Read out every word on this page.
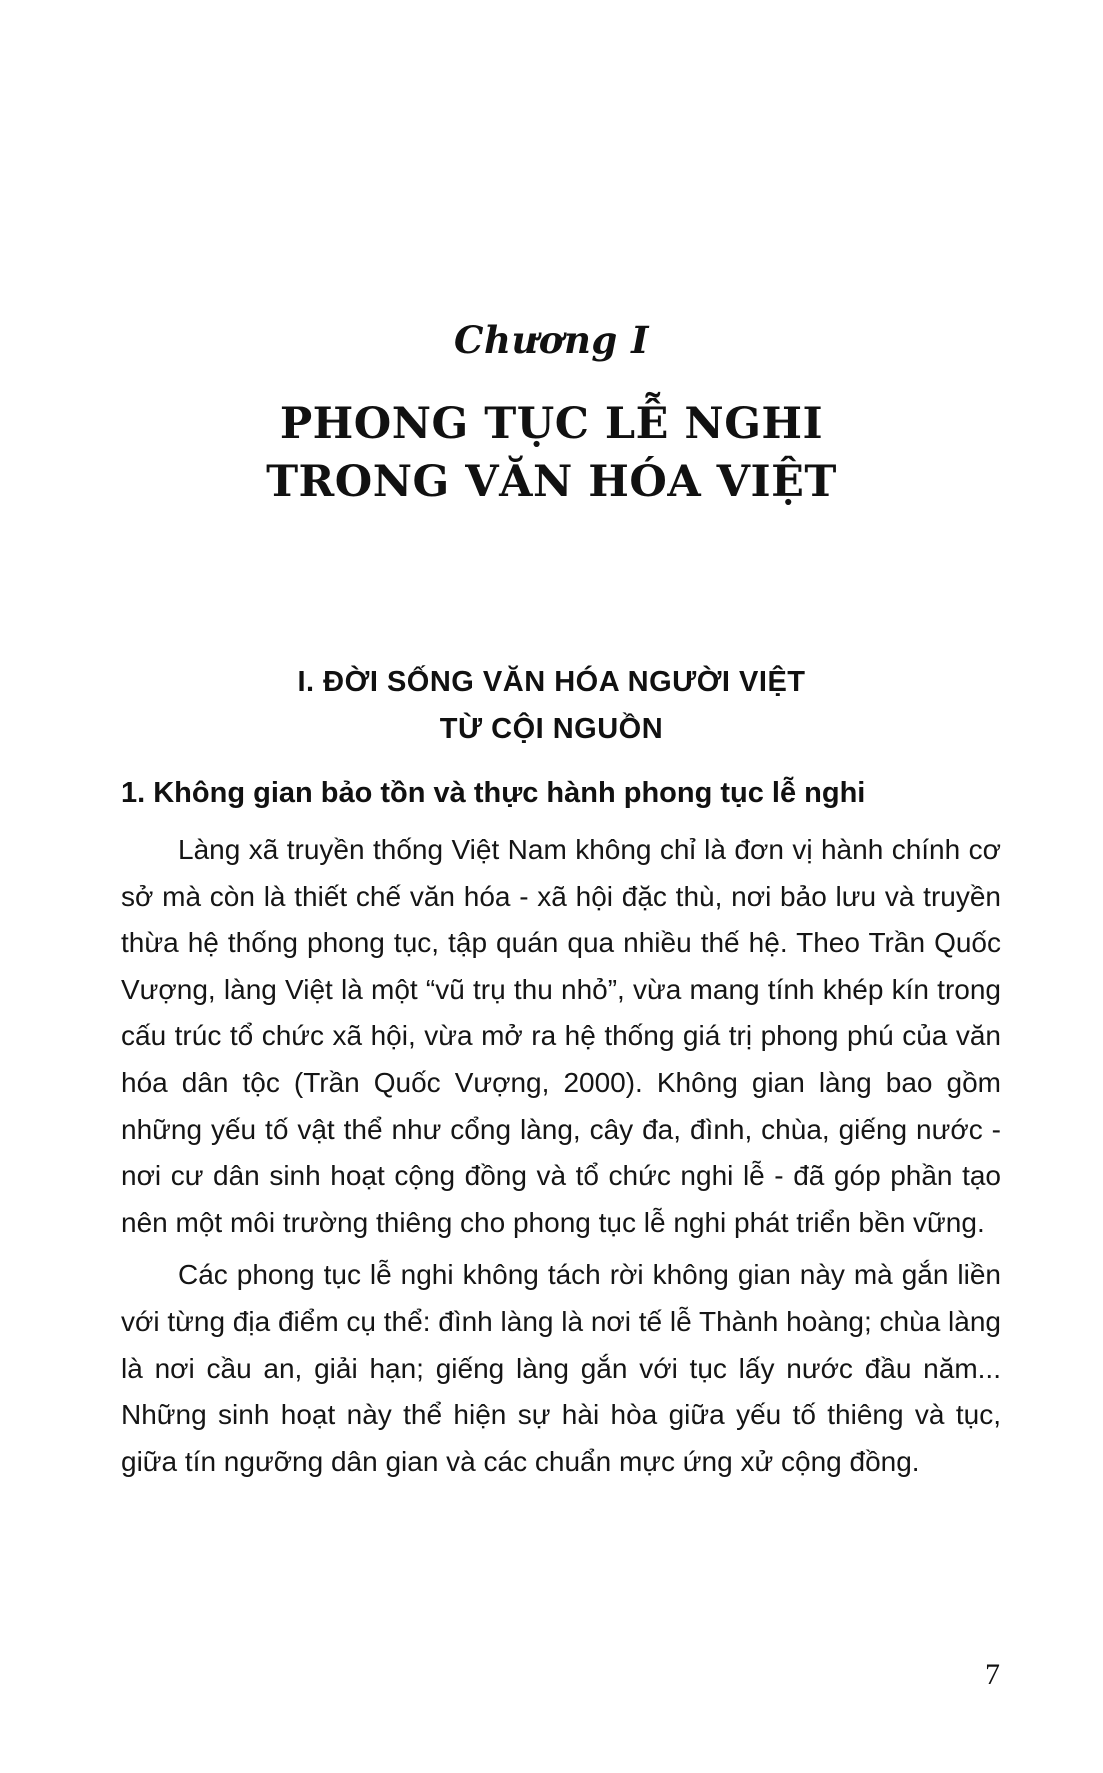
Chương I
PHONG TỤC LỄ NGHI
TRONG VĂN HÓA VIỆT
I. ĐỜI SỐNG VĂN HÓA NGƯỜI VIỆT
TỪ CỘI NGUỒN
1. Không gian bảo tồn và thực hành phong tục lễ nghi

Làng xã truyền thống Việt Nam không chỉ là đơn vị hành chính cơ sở mà còn là thiết chế văn hóa - xã hội đặc thù, nơi bảo lưu và truyền thừa hệ thống phong tục, tập quán qua nhiều thế hệ. Theo Trần Quốc Vượng, làng Việt là một “vũ trụ thu nhỏ”, vừa mang tính khép kín trong cấu trúc tổ chức xã hội, vừa mở ra hệ thống giá trị phong phú của văn hóa dân tộc (Trần Quốc Vượng, 2000). Không gian làng bao gồm những yếu tố vật thể như cổng làng, cây đa, đình, chùa, giếng nước - nơi cư dân sinh hoạt cộng đồng và tổ chức nghi lễ - đã góp phần tạo nên một môi trường thiêng cho phong tục lễ nghi phát triển bền vững.

Các phong tục lễ nghi không tách rời không gian này mà gắn liền với từng địa điểm cụ thể: đình làng là nơi tế lễ Thành hoàng; chùa làng là nơi cầu an, giải hạn; giếng làng gắn với tục lấy nước đầu năm... Những sinh hoạt này thể hiện sự hài hòa giữa yếu tố thiêng và tục, giữa tín ngưỡng dân gian và các chuẩn mực ứng xử cộng đồng.

7
